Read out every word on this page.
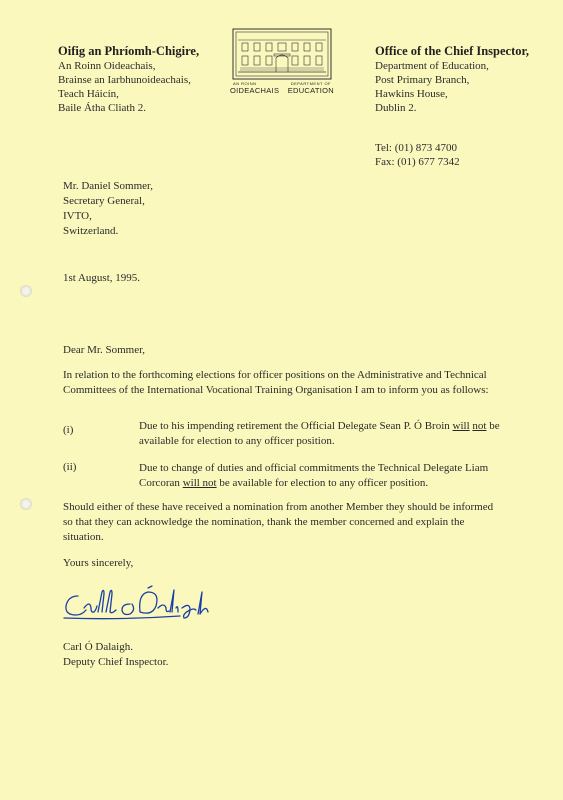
Oifig an Phríomh-Chigire,
An Roinn Oideachais,
Brainse an Iarbhunoideachais,
Teach Háicín,
Baile Átha Cliath 2.
AN ROINN	DEPARTMENT OF
OIDEACHAIS EDUCATION
Office of the Chief Inspector,
Department of Education,
Post Primary Branch,
Hawkins House,
Dublin 2.
Tel: (01) 873 4700
Fax: (01) 677 7342
Mr. Daniel Sommer,
Secretary General,
IVTO,
Switzerland.
1st August, 1995.
Dear Mr. Sommer,
In relation to the forthcoming elections for officer positions on the Administrative and Technical Committees of the International Vocational Training Organisation I am to inform you as follows:
(i)	Due to his impending retirement the Official Delegate Sean P. Ó Broin will not be available for election to any officer position.
(ii)	Due to change of duties and official commitments the Technical Delegate Liam Corcoran will not be available for election to any officer position.
Should either of these have received a nomination from another Member they should be informed so that they can acknowledge the nomination, thank the member concerned and explain the situation.
Yours sincerely,
Carl Ó Dalaigh.
Deputy Chief Inspector.
